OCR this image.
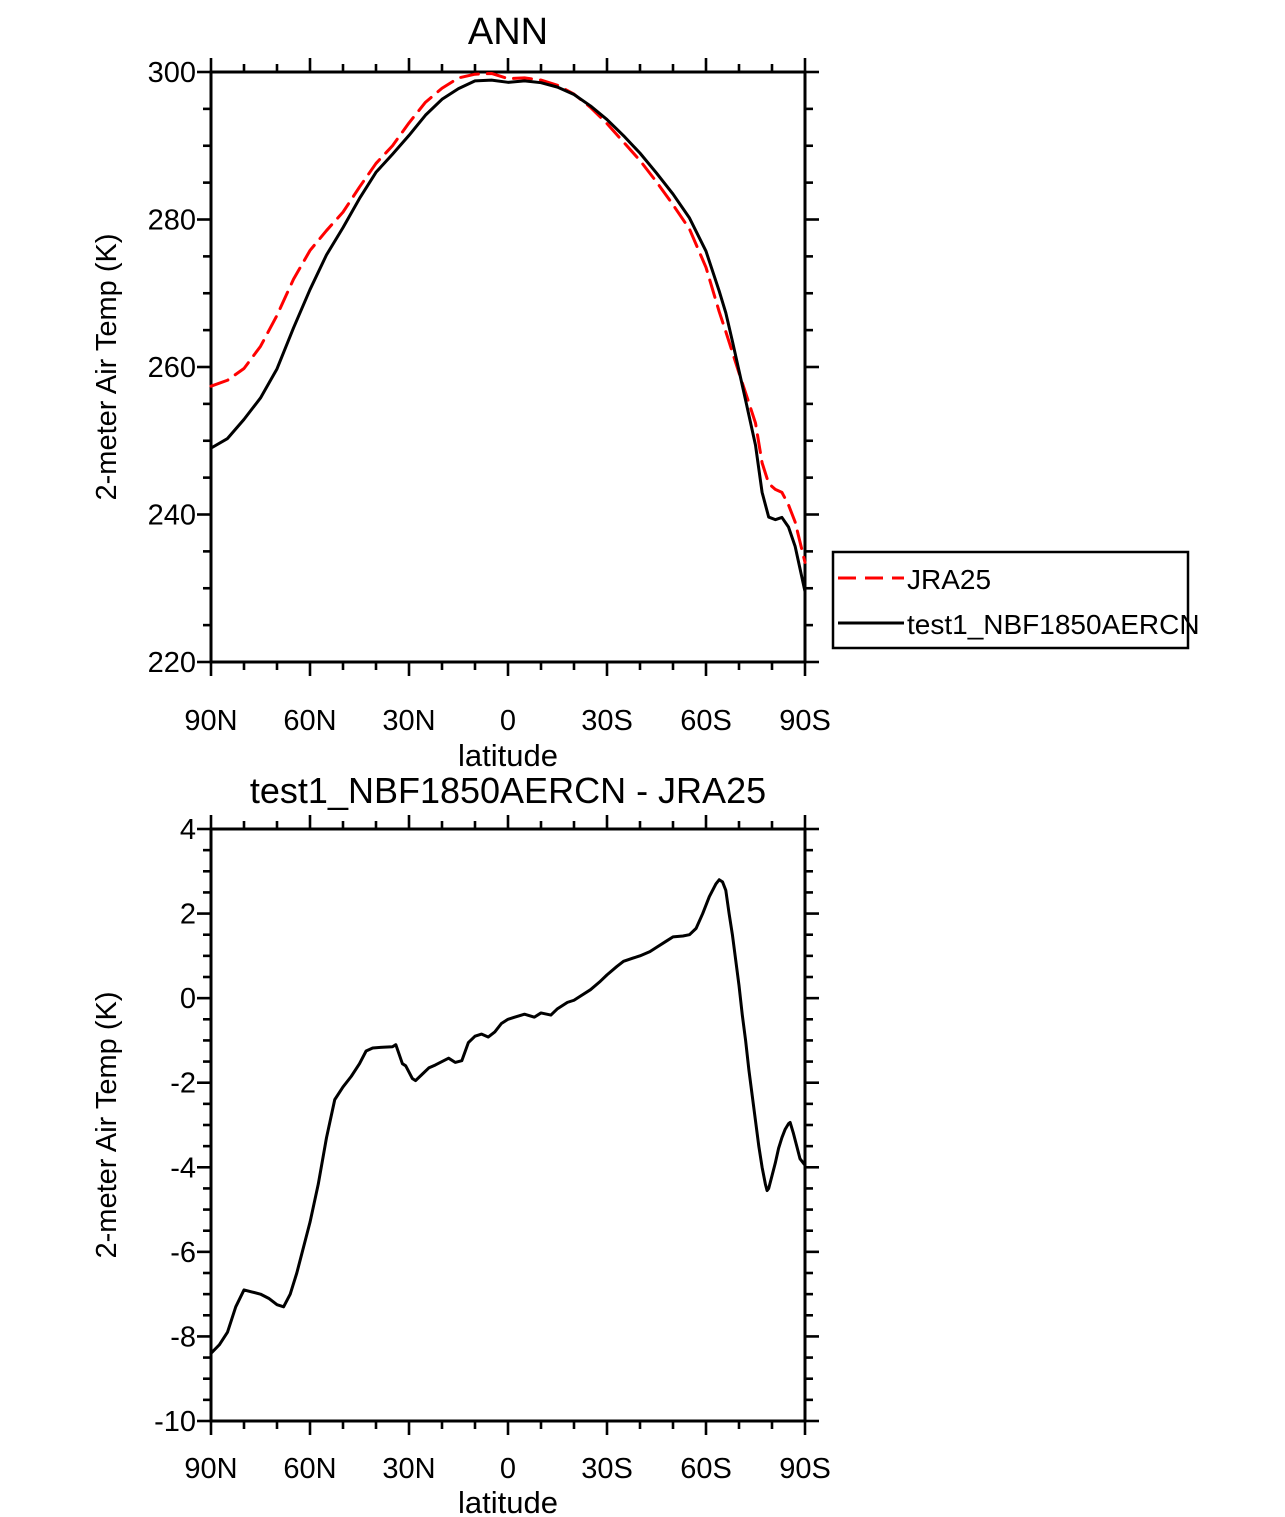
ANN
latitude
2-meter Air Temp (K)
test1_NBF1850AERCN - JRA25
latitude
2-meter Air Temp (K)
JRA25
test1_NBF1850AERCN
90N 60N 30N 0 30S 60S 90S
300
280
260
240
220
90N 60N 30N 0 30S 60S 90S
4
2
0
-2
-4
-6
-8
-10
